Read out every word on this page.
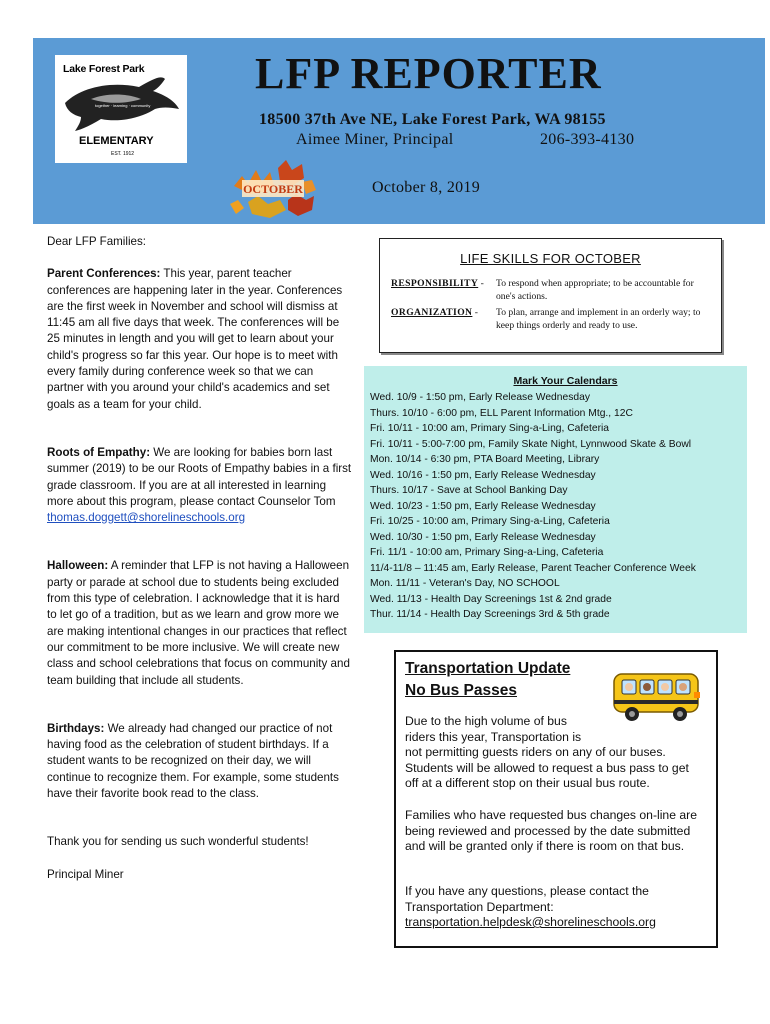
Lake Forest Park
together · learning · community
ELEMENTARY
EST. 1912
LFP REPORTER
18500 37th Ave NE, Lake Forest Park, WA 98155
Aimee Miner, Principal	206-393-4130
October 8, 2019
OCTOBER

Dear LFP Families:

Parent Conferences: This year, parent teacher conferences are happening later in the year. Conferences are the first week in November and school will dismiss at 11:45 am all five days that week. The conferences will be 25 minutes in length and you will get to learn about your child's progress so far this year. Our hope is to meet with every family during conference week so that we can partner with you around your child's academics and set goals as a team for your child.

Roots of Empathy: We are looking for babies born last summer (2019) to be our Roots of Empathy babies in a first grade classroom. If you are at all interested in learning more about this program, please contact Counselor Tom
thomas.doggett@shorelineschools.org

Halloween: A reminder that LFP is not having a Halloween party or parade at school due to students being excluded from this type of celebration. I acknowledge that it is hard to let go of a tradition, but as we learn and grow more we are making intentional changes in our practices that reflect our commitment to be more inclusive. We will create new class and school celebrations that focus on community and team building that include all students.

Birthdays: We already had changed our practice of not having food as the celebration of student birthdays. If a student wants to be recognized on their day, we will continue to recognize them. For example, some students have their favorite book read to the class.

Thank you for sending us such wonderful students!

Principal Miner

LIFE SKILLS FOR OCTOBER
RESPONSIBILITY -	To respond when appropriate; to be accountable for one's actions.
ORGANIZATION -	To plan, arrange and implement in an orderly way; to keep things orderly and ready to use.
Mark Your Calendars
Wed. 10/9 - 1:50 pm, Early Release Wednesday
Thurs. 10/10 - 6:00 pm, ELL Parent Information Mtg., 12C
Fri. 10/11 - 10:00 am, Primary Sing-a-Ling, Cafeteria
Fri. 10/11 - 5:00-7:00 pm, Family Skate Night, Lynnwood Skate & Bowl
Mon. 10/14 - 6:30 pm, PTA Board Meeting, Library
Wed. 10/16 - 1:50 pm, Early Release Wednesday
Thurs. 10/17 - Save at School Banking Day
Wed. 10/23 - 1:50 pm, Early Release Wednesday
Fri. 10/25 - 10:00 am, Primary Sing-a-Ling, Cafeteria
Wed. 10/30 - 1:50 pm, Early Release Wednesday
Fri. 11/1 - 10:00 am, Primary Sing-a-Ling, Cafeteria
11/4-11/8 – 11:45 am, Early Release, Parent Teacher Conference Week
Mon. 11/11 - Veteran's Day, NO SCHOOL
Wed. 11/13 - Health Day Screenings 1st & 2nd grade
Thur. 11/14 - Health Day Screenings 3rd & 5th grade
Transportation Update
No Bus Passes
Due to the high volume of bus riders this year, Transportation is
not permitting guests riders on any of our buses. Students will be allowed to request a bus pass to get off at a different stop on their usual bus route.
Families who have requested bus changes on-line are being reviewed and processed by the date submitted and will be granted only if there is room on that bus.
If you have any questions, please contact the Transportation Department:
transportation.helpdesk@shorelineschools.org
